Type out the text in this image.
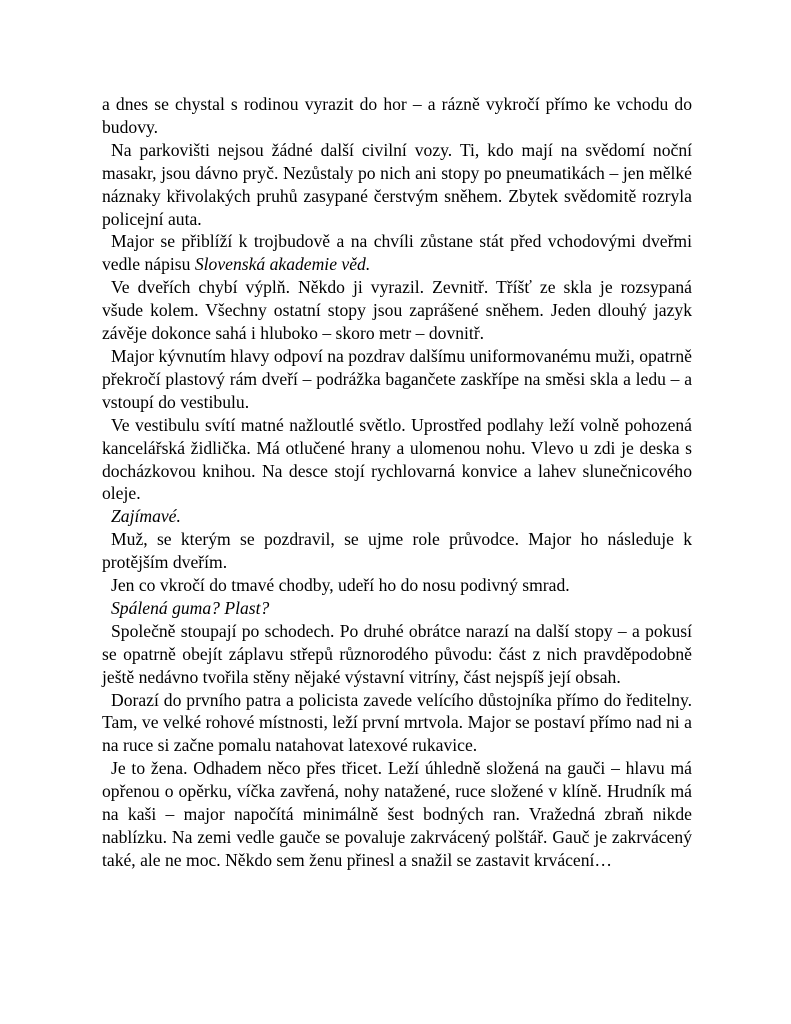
a dnes se chystal s rodinou vyrazit do hor – a rázně vykročí přímo ke vchodu do budovy.

Na parkovišti nejsou žádné další civilní vozy. Ti, kdo mají na svědomí noční masakr, jsou dávno pryč. Nezůstaly po nich ani stopy po pneumatikách – jen mělké náznaky křivolakých pruhů zasypané čerstvým sněhem. Zbytek svědomitě rozryla policejní auta.

Major se přiblíží k trojbudově a na chvíli zůstane stát před vchodovými dveřmi vedle nápisu Slovenská akademie věd.

Ve dveřích chybí výplň. Někdo ji vyrazil. Zevnitř. Tříšť ze skla je rozsypaná všude kolem. Všechny ostatní stopy jsou zaprášené sněhem. Jeden dlouhý jazyk závěje dokonce sahá i hluboko – skoro metr – dovnitř.

Major kývnutím hlavy odpoví na pozdrav dalšímu uniformovanému muži, opatrně překročí plastový rám dveří – podrážka bagančete zaskřípe na směsi skla a ledu – a vstoupí do vestibulu.

Ve vestibulu svítí matné nažloutlé světlo. Uprostřed podlahy leží volně pohozená kancelářská židlička. Má otlučené hrany a ulomenou nohu. Vlevo u zdi je deska s docházkovou knihou. Na desce stojí rychlovarná konvice a lahev slunečnicového oleje.

Zajímavé.

Muž, se kterým se pozdravil, se ujme role průvodce. Major ho následuje k protějším dveřím.

Jen co vkročí do tmavé chodby, udeří ho do nosu podivný smrad.

Spálená guma? Plast?

Společně stoupají po schodech. Po druhé obrátce narazí na další stopy – a pokusí se opatrně obejít záplavu střepů různorodého původu: část z nich pravděpodobně ještě nedávno tvořila stěny nějaké výstavní vitríny, část nejspíš její obsah.

Dorazí do prvního patra a policista zavede velícího důstojníka přímo do ředitelny. Tam, ve velké rohové místnosti, leží první mrtvola. Major se postaví přímo nad ni a na ruce si začne pomalu natahovat latexové rukavice.

Je to žena. Odhadem něco přes třicet. Leží úhledně složená na gauči – hlavu má opřenou o opěrku, víčka zavřená, nohy natažené, ruce složené v klíně. Hrudník má na kaši – major napočítá minimálně šest bodných ran. Vražedná zbraň nikde nablízku. Na zemi vedle gauče se povaluje zakrvácený polštář. Gauč je zakrvácený také, ale ne moc. Někdo sem ženu přinesl a snažil se zastavit krvácení…
